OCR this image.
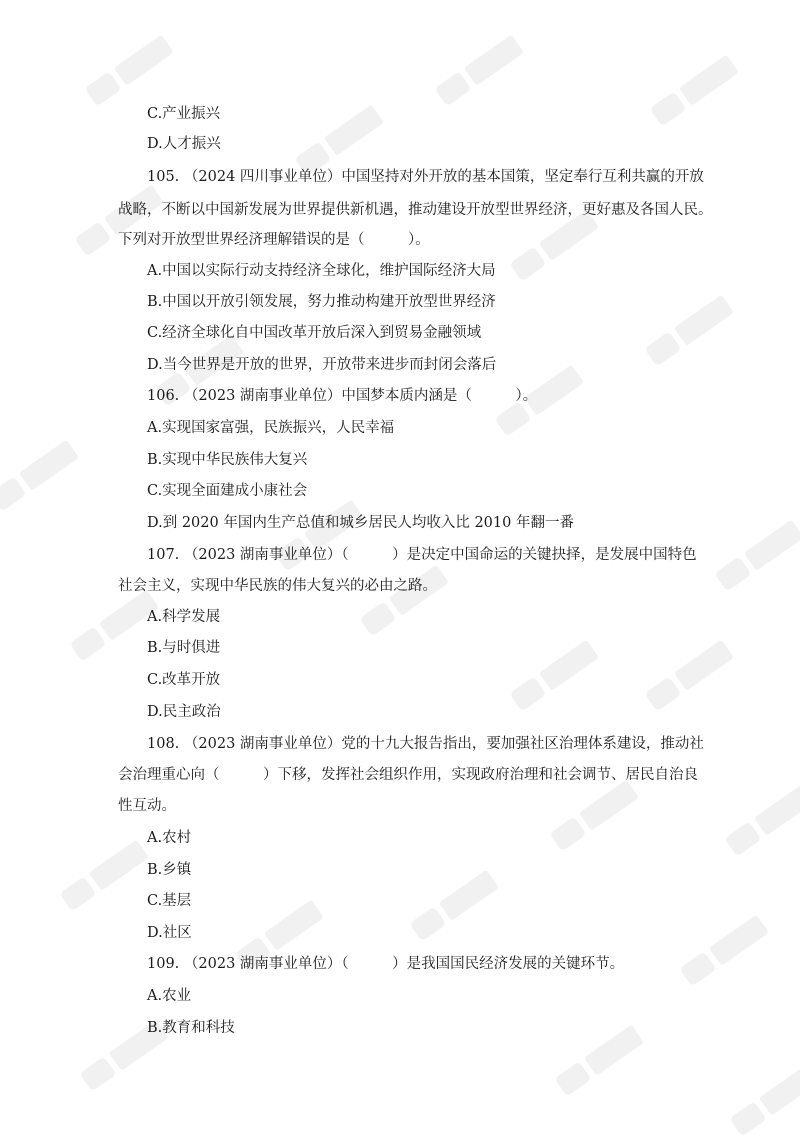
C.产业振兴
D.人才振兴
105. （2024 四川事业单位）中国坚持对外开放的基本国策，坚定奉行互利共赢的开放
战略，不断以中国新发展为世界提供新机遇，推动建设开放型世界经济，更好惠及各国人民。
下列对开放型世界经济理解错误的是（　　　）。
A.中国以实际行动支持经济全球化，维护国际经济大局
B.中国以开放引领发展，努力推动构建开放型世界经济
C.经济全球化自中国改革开放后深入到贸易金融领域
D.当今世界是开放的世界，开放带来进步而封闭会落后
106. （2023 湖南事业单位）中国梦本质内涵是（　　　）。
A.实现国家富强，民族振兴，人民幸福
B.实现中华民族伟大复兴
C.实现全面建成小康社会
D.到 2020 年国内生产总值和城乡居民人均收入比 2010 年翻一番
107. （2023 湖南事业单位）（　　　）是决定中国命运的关键抉择，是发展中国特色
社会主义，实现中华民族的伟大复兴的必由之路。
A.科学发展
B.与时俱进
C.改革开放
D.民主政治
108. （2023 湖南事业单位）党的十九大报告指出，要加强社区治理体系建设，推动社
会治理重心向（　　　）下移，发挥社会组织作用，实现政府治理和社会调节、居民自治良
性互动。
A.农村
B.乡镇
C.基层
D.社区
109. （2023 湖南事业单位）（　　　）是我国国民经济发展的关键环节。
A.农业
B.教育和科技
